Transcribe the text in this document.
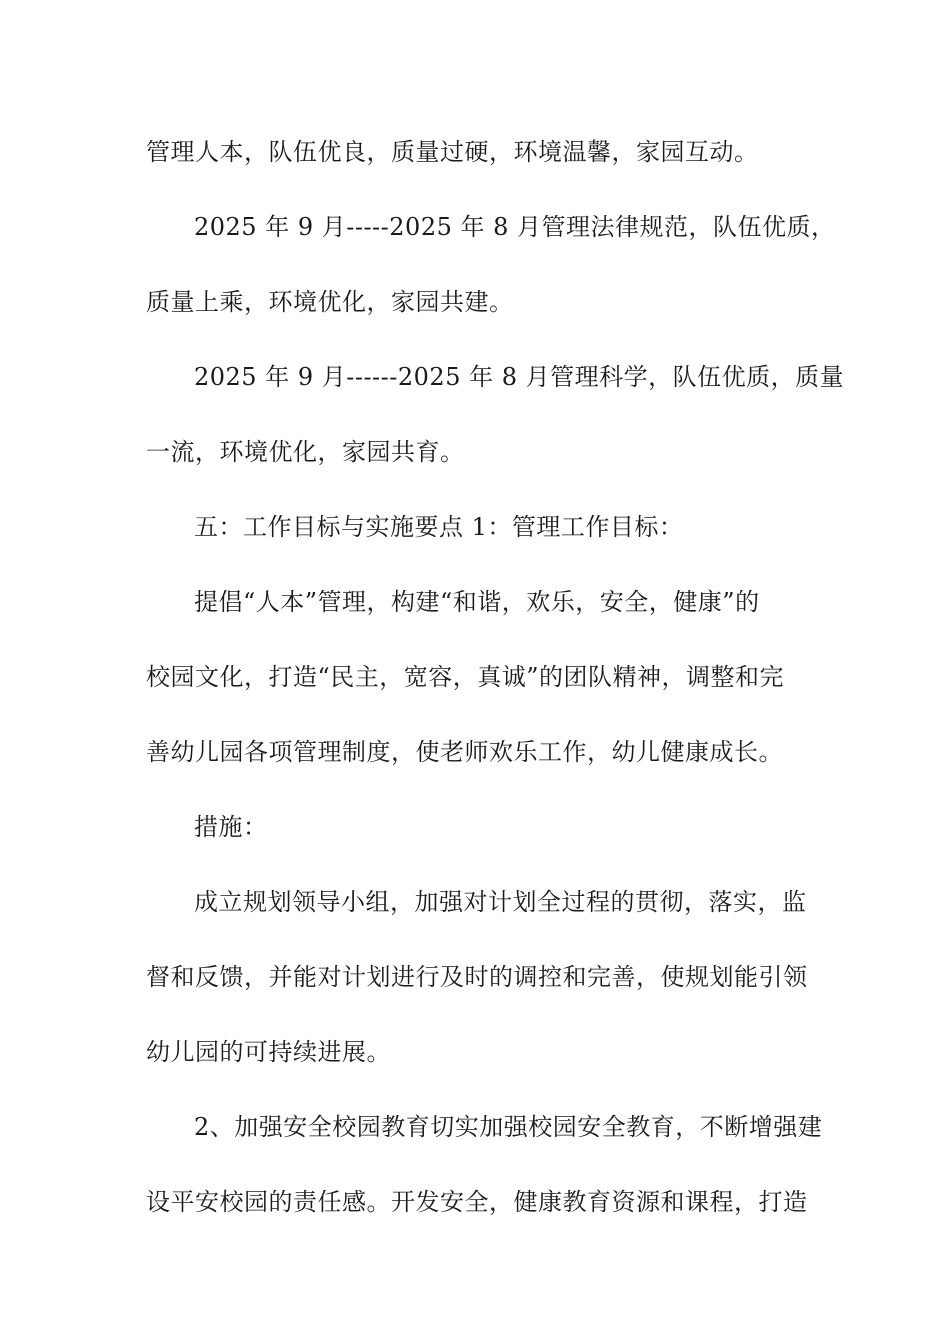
管理人本，队伍优良，质量过硬，环境温馨，家园互动。
2025 年 9 月-----2025 年 8 月管理法律规范，队伍优质，
质量上乘，环境优化，家园共建。
2025 年 9 月------2025 年 8 月管理科学，队伍优质，质量
一流，环境优化，家园共育。
五：工作目标与实施要点 1：管理工作目标：
提倡“人本”管理，构建“和谐，欢乐，安全，健康”的
校园文化，打造“民主，宽容，真诚”的团队精神，调整和完
善幼儿园各项管理制度，使老师欢乐工作，幼儿健康成长。
措施：
成立规划领导小组，加强对计划全过程的贯彻，落实，监
督和反馈，并能对计划进行及时的调控和完善，使规划能引领
幼儿园的可持续进展。
2、加强安全校园教育切实加强校园安全教育，不断增强建
设平安校园的责任感。开发安全，健康教育资源和课程，打造
